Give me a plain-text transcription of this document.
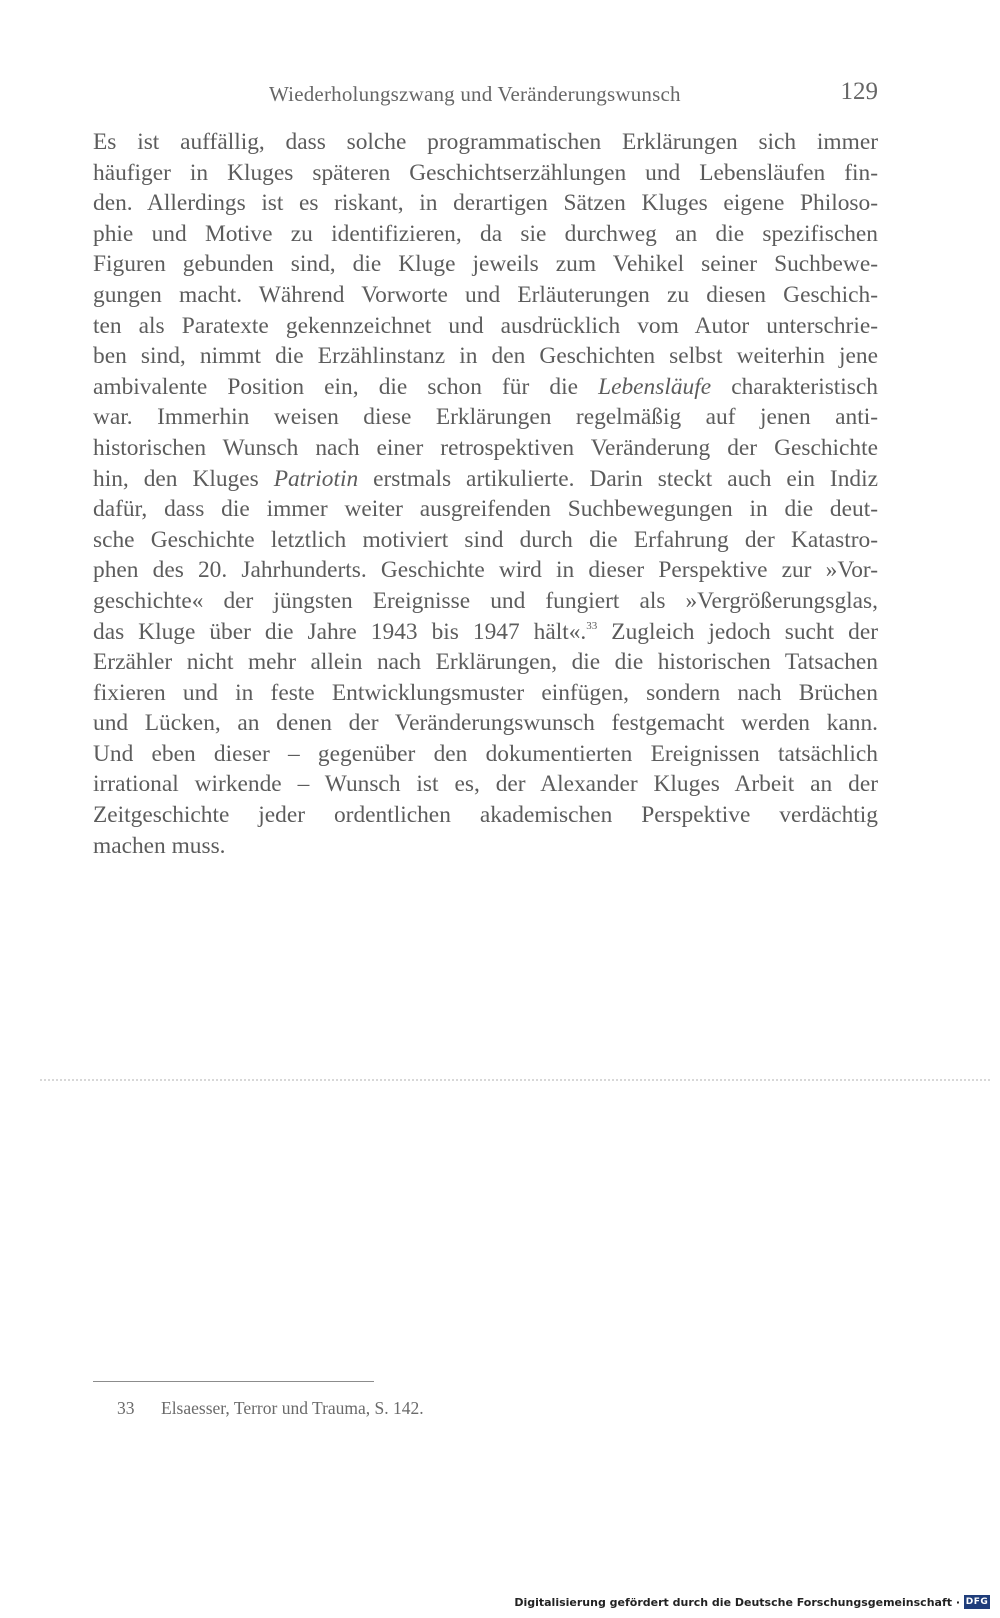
Wiederholungszwang und Veränderungswunsch	129
Es ist auffällig, dass solche programmatischen Erklärungen sich immer
häufiger in Kluges späteren Geschichtserzählungen und Lebensläufen fin-
den. Allerdings ist es riskant, in derartigen Sätzen Kluges eigene Philoso-
phie und Motive zu identifizieren, da sie durchweg an die spezifischen
Figuren gebunden sind, die Kluge jeweils zum Vehikel seiner Suchbewe-
gungen macht. Während Vorworte und Erläuterungen zu diesen Geschich-
ten als Paratexte gekennzeichnet und ausdrücklich vom Autor unterschrie-
ben sind, nimmt die Erzählinstanz in den Geschichten selbst weiterhin jene
ambivalente Position ein, die schon für die Lebensläufe charakteristisch
war. Immerhin weisen diese Erklärungen regelmäßig auf jenen anti-
historischen Wunsch nach einer retrospektiven Veränderung der Geschichte
hin, den Kluges Patriotin erstmals artikulierte. Darin steckt auch ein Indiz
dafür, dass die immer weiter ausgreifenden Suchbewegungen in die deut-
sche Geschichte letztlich motiviert sind durch die Erfahrung der Katastro-
phen des 20. Jahrhunderts. Geschichte wird in dieser Perspektive zur »Vor-
geschichte« der jüngsten Ereignisse und fungiert als »Vergrößerungsglas,
das Kluge über die Jahre 1943 bis 1947 hält«.$^{33}$ Zugleich jedoch sucht der
Erzähler nicht mehr allein nach Erklärungen, die die historischen Tatsachen
fixieren und in feste Entwicklungsmuster einfügen, sondern nach Brüchen
und Lücken, an denen der Veränderungswunsch festgemacht werden kann.
Und eben dieser – gegenüber den dokumentierten Ereignissen tatsächlich
irrational wirkende – Wunsch ist es, der Alexander Kluges Arbeit an der
Zeitgeschichte jeder ordentlichen akademischen Perspektive verdächtig
machen muss.
33 Elsaesser, Terror und Trauma, S. 142.
Digitalisierung gefördert durch die Deutsche Forschungsgemeinschaft · DFG
